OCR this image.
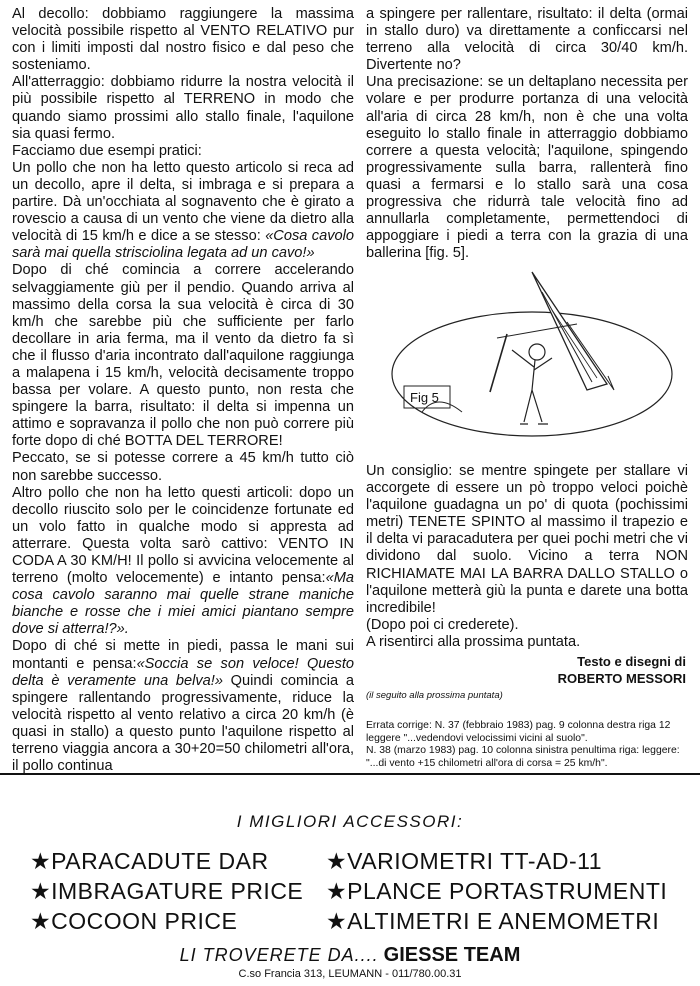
Al decollo: dobbiamo raggiungere la massima velocità possibile rispetto al VENTO RELATIVO pur con i limiti imposti dal nostro fisico e dal peso che sosteniamo.

All'atterraggio: dobbiamo ridurre la nostra velocità il più possibile rispetto al TERRENO in modo che quando siamo prossimi allo stallo finale, l'aquilone sia quasi fermo.

Facciamo due esempi pratici:

Un pollo che non ha letto questo articolo si reca ad un decollo, apre il delta, si imbraga e si prepara a partire. Dà un'occhiata al sognavento che è girato a rovescio a causa di un vento che viene da dietro alla velocità di 15 km/h e dice a se stesso: «Cosa cavolo sarà mai quella strisciolina legata ad un cavo!»

Dopo di ché comincia a correre accelerando selvaggiamente giù per il pendio. Quando arriva al massimo della corsa la sua velocità è circa di 30 km/h che sarebbe più che sufficiente per farlo decollare in aria ferma, ma il vento da dietro fa sì che il flusso d'aria incontrato dall'aquilone raggiunga a malapena i 15 km/h, velocità decisamente troppo bassa per volare. A questo punto, non resta che spingere la barra, risultato: il delta si impenna un attimo e sopravanza il pollo che non può correre più forte dopo di ché BOTTA DEL TERRORE!

Peccato, se si potesse correre a 45 km/h tutto ciò non sarebbe successo.

Altro pollo che non ha letto questi articoli: dopo un decollo riuscito solo per le coincidenze fortunate ed un volo fatto in qualche modo si appresta ad atterrare. Questa volta sarò cattivo: VENTO IN CODA A 30 KM/H! Il pollo si avvicina velocemente al terreno (molto velocemente) e intanto pensa:«Ma cosa cavolo saranno mai quelle strane maniche bianche e rosse che i miei amici piantano sempre dove si atterra!?».

Dopo di ché si mette in piedi, passa le mani sui montanti e pensa:«Soccia se son veloce! Questo delta è veramente una belva!» Quindi comincia a spingere rallentando progressivamente, riduce la velocità rispetto al vento relativo a circa 20 km/h (è quasi in stallo) a questo punto l'aquilone rispetto al terreno viaggia ancora a 30+20=50 chilometri all'ora, il pollo continua

a spingere per rallentare, risultato: il delta (ormai in stallo duro) va direttamente a conficcarsi nel terreno alla velocità di circa 30/40 km/h. Divertente no?

Una precisazione: se un deltaplano necessita per volare e per produrre portanza di una velocità all'aria di circa 28 km/h, non è che una volta eseguito lo stallo finale in atterraggio dobbiamo correre a questa velocità; l'aquilone, spingendo progressivamente sulla barra, rallenterà fino quasi a fermarsi e lo stallo sarà una cosa progressiva che ridurrà tale velocità fino ad annullarla completamente, permettendoci di appoggiare i piedi a terra con la grazia di una ballerina [fig. 5].

Fig 5

Un consiglio: se mentre spingete per stallare vi accorgete di essere un pò troppo veloci poichè l'aquilone guadagna un po' di quota (pochissimi metri) TENETE SPINTO al massimo il trapezio e il delta vi paracadutera per quei pochi metri che vi dividono dal suolo. Vicino a terra NON RICHIAMATE MAI LA BARRA DALLO STALLO o l'aquilone metterà giù la punta e darete una botta incredibile!

(Dopo poi ci crederete).

A risentirci alla prossima puntata.

Testo e disegni di
ROBERTO MESSORI
(il seguito alla prossima puntata)

Errata corrige: N. 37 (febbraio 1983) pag. 9 colonna destra riga 12 leggere "...vedendovi velocissimi vicini al suolo".

N. 38 (marzo 1983) pag. 10 colonna sinistra penultima riga: leggere: "...di vento +15 chilometri all'ora di corsa = 25 km/h".

I MIGLIORI ACCESSORI:
★PARACADUTE DAR
★IMBRAGATURE PRICE
★COCOON PRICE
★VARIOMETRI TT-AD-11
★PLANCE PORTASTRUMENTI
★ALTIMETRI E ANEMOMETRI
LI TROVERETE DA.... GIESSE TEAM
C.so Francia 313, LEUMANN - 011/780.00.31
